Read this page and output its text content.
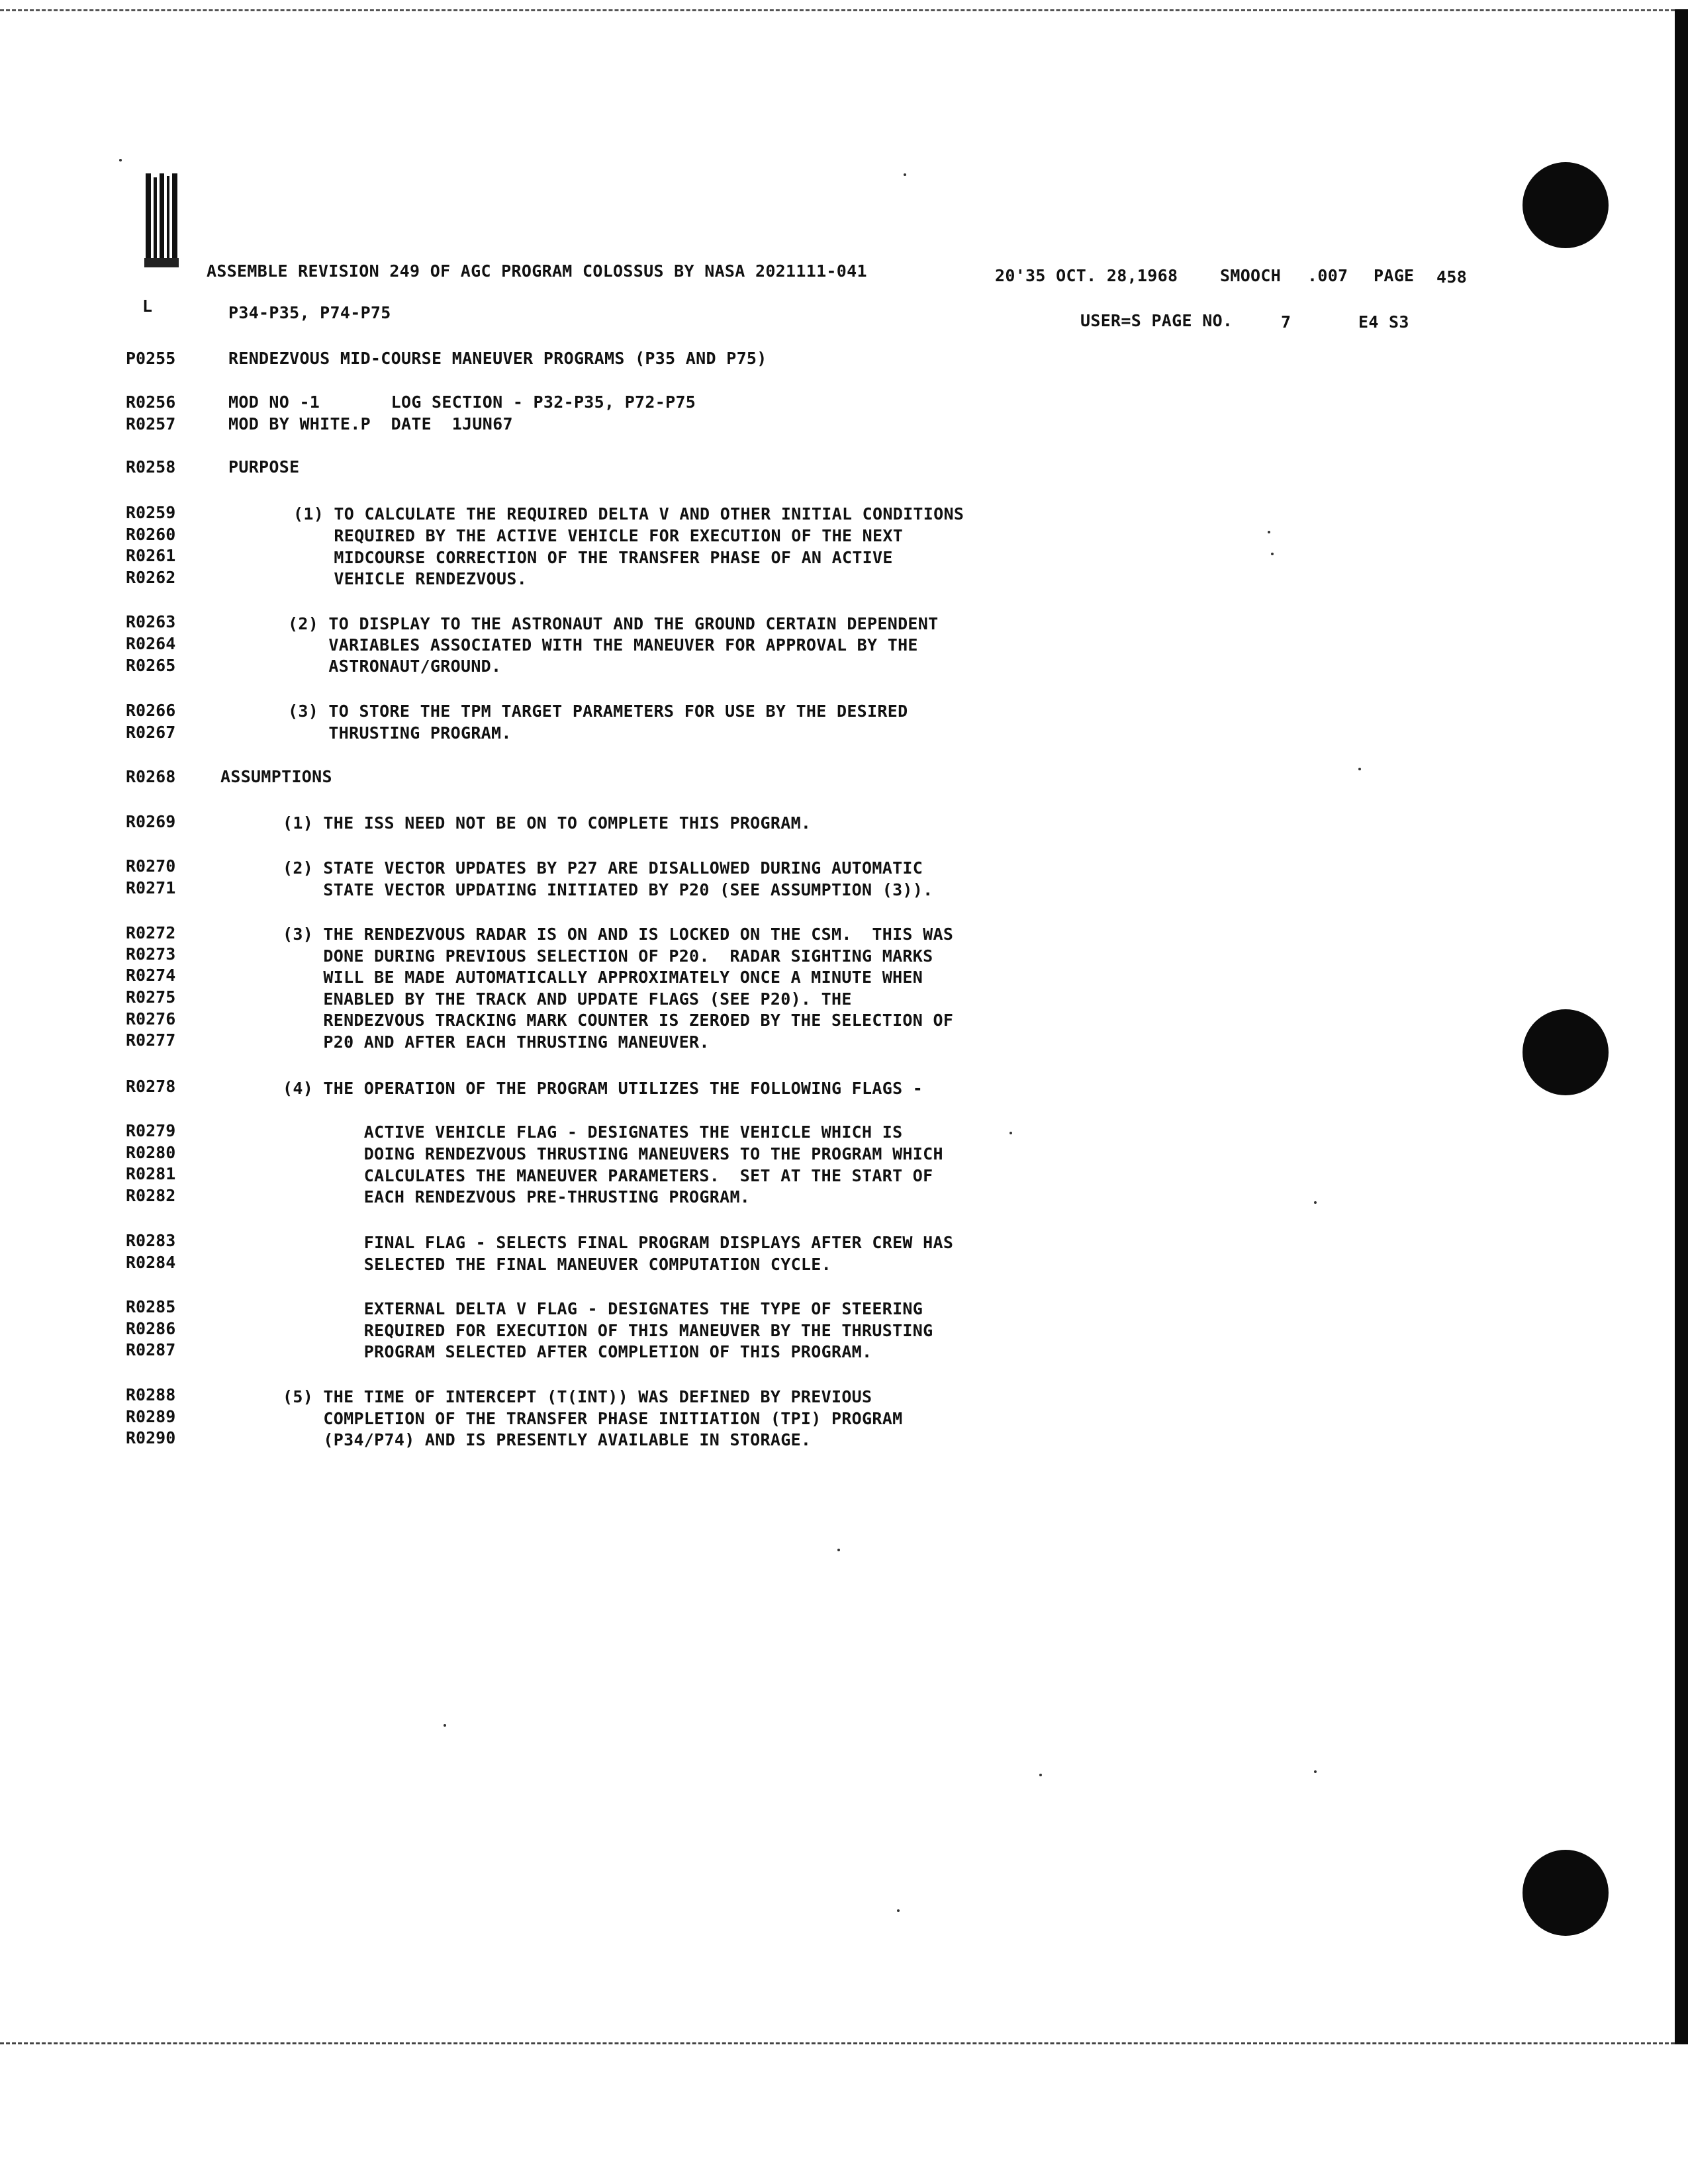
ASSEMBLE REVISION 249 OF AGC PROGRAM COLOSSUS BY NASA 2021111-041	20'35 OCT. 28,1968	SMOOCH .007 PAGE 458
L	P34-P35, P74-P75	USER=S PAGE NO.	7	E4 S3
P0255	RENDEZVOUS MID-COURSE MANEUVER PROGRAMS (P35 AND P75)
R0256	MOD NO -1       LOG SECTION - P32-P35, P72-P75
R0257	MOD BY WHITE.P  DATE  1JUN67
R0258	PURPOSE
R0259	(1) TO CALCULATE THE REQUIRED DELTA V AND OTHER INITIAL CONDITIONS
R0260	REQUIRED BY THE ACTIVE VEHICLE FOR EXECUTION OF THE NEXT
R0261	MIDCOURSE CORRECTION OF THE TRANSFER PHASE OF AN ACTIVE
R0262	VEHICLE RENDEZVOUS.
R0263	(2) TO DISPLAY TO THE ASTRONAUT AND THE GROUND CERTAIN DEPENDENT
R0264	VARIABLES ASSOCIATED WITH THE MANEUVER FOR APPROVAL BY THE
R0265	ASTRONAUT/GROUND.
R0266	(3) TO STORE THE TPM TARGET PARAMETERS FOR USE BY THE DESIRED
R0267	THRUSTING PROGRAM.
R0268	ASSUMPTIONS
R0269	(1) THE ISS NEED NOT BE ON TO COMPLETE THIS PROGRAM.
R0270	(2) STATE VECTOR UPDATES BY P27 ARE DISALLOWED DURING AUTOMATIC
R0271	STATE VECTOR UPDATING INITIATED BY P20 (SEE ASSUMPTION (3)).
R0272	(3) THE RENDEZVOUS RADAR IS ON AND IS LOCKED ON THE CSM.  THIS WAS
R0273	DONE DURING PREVIOUS SELECTION OF P20.  RADAR SIGHTING MARKS
R0274	WILL BE MADE AUTOMATICALLY APPROXIMATELY ONCE A MINUTE WHEN
R0275	ENABLED BY THE TRACK AND UPDATE FLAGS (SEE P20). THE
R0276	RENDEZVOUS TRACKING MARK COUNTER IS ZEROED BY THE SELECTION OF
R0277	P20 AND AFTER EACH THRUSTING MANEUVER.
R0278	(4) THE OPERATION OF THE PROGRAM UTILIZES THE FOLLOWING FLAGS -
R0279	ACTIVE VEHICLE FLAG - DESIGNATES THE VEHICLE WHICH IS
R0280	DOING RENDEZVOUS THRUSTING MANEUVERS TO THE PROGRAM WHICH
R0281	CALCULATES THE MANEUVER PARAMETERS.  SET AT THE START OF
R0282	EACH RENDEZVOUS PRE-THRUSTING PROGRAM.
R0283	FINAL FLAG - SELECTS FINAL PROGRAM DISPLAYS AFTER CREW HAS
R0284	SELECTED THE FINAL MANEUVER COMPUTATION CYCLE.
R0285	EXTERNAL DELTA V FLAG - DESIGNATES THE TYPE OF STEERING
R0286	REQUIRED FOR EXECUTION OF THIS MANEUVER BY THE THRUSTING
R0287	PROGRAM SELECTED AFTER COMPLETION OF THIS PROGRAM.
R0288	(5) THE TIME OF INTERCEPT (T(INT)) WAS DEFINED BY PREVIOUS
R0289	COMPLETION OF THE TRANSFER PHASE INITIATION (TPI) PROGRAM
R0290	(P34/P74) AND IS PRESENTLY AVAILABLE IN STORAGE.
